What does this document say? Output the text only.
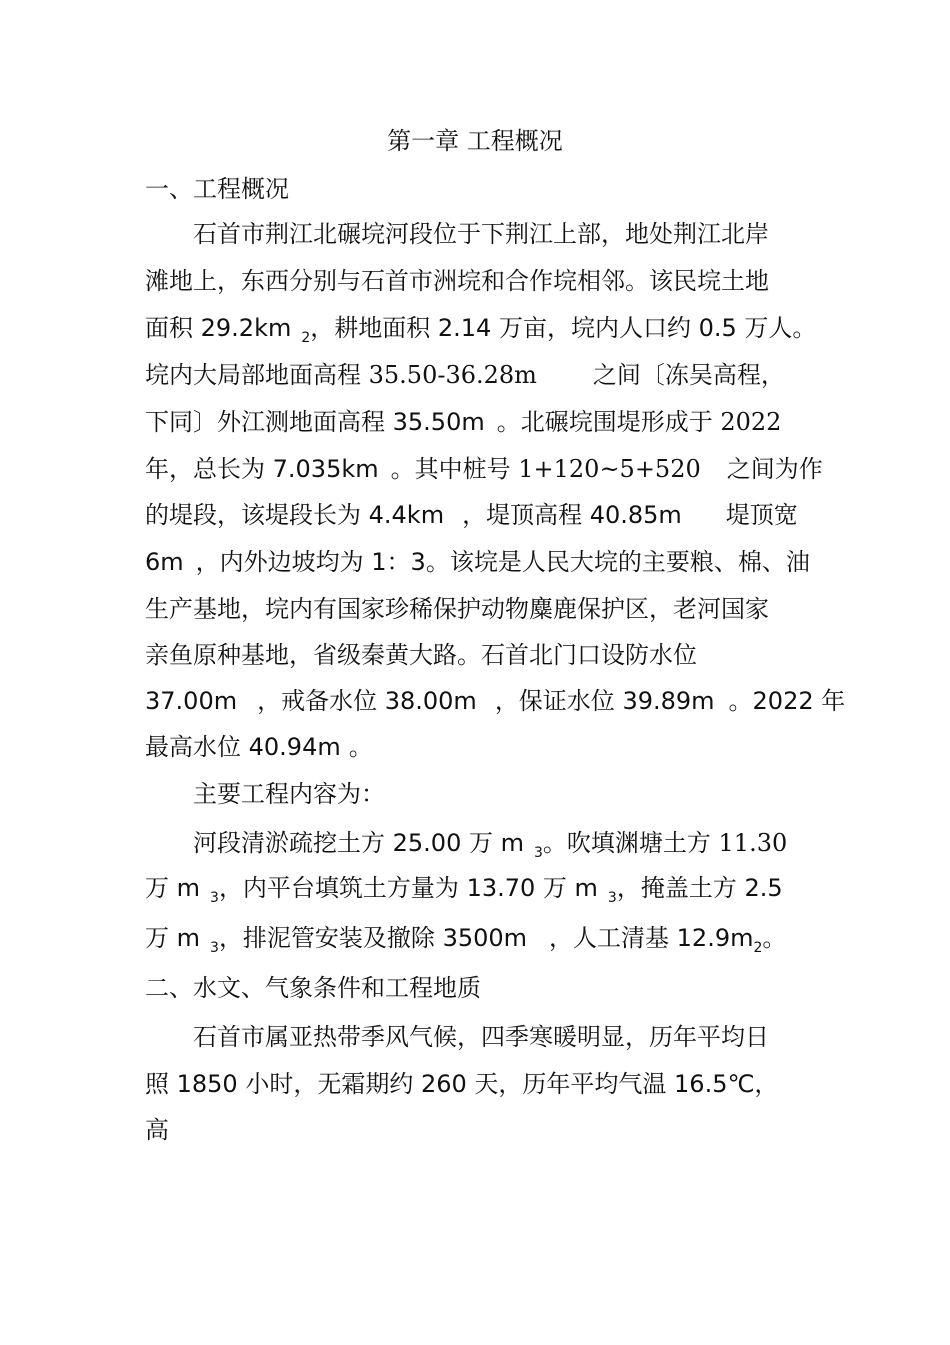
第一章 工程概况
一、工程概况
石首市荆江北碾垸河段位于下荆江上部，地处荆江北岸
滩地上，东西分别与石首市洲垸和合作垸相邻。该民垸土地
面积 29.2km $_2$，耕地面积 2.14 万亩，垸内人口约 0.5 万人。
垸内大局部地面高程 35.50-36.28m 之间〔冻吴高程，
下同〕外江测地面高程 35.50m 。北碾垸围堤形成于 2022
年，总长为 7.035km 。其中桩号 1+120~5+520 之间为作
的堤段，该堤段长为 4.4km ，堤顶高程 40.85m 堤顶宽
6m ，内外边坡均为 1：3。该垸是人民大垸的主要粮、棉、油
生产基地，垸内有国家珍稀保护动物麋鹿保护区，老河国家
亲鱼原种基地，省级秦黄大路。石首北门口设防水位
37.00m ，戒备水位 38.00m ，保证水位 39.89m 。2022 年
最高水位 40.94m 。
主要工程内容为：
河段清淤疏挖土方 25.00 万 m $_3$。吹填渊塘土方 11.30
万 m $_3$，内平台填筑土方量为 13.70 万 m $_3$，掩盖土方 2.5
万 m $_3$，排泥管安装及撤除 3500m ，人工清基 $12.9m_2$。
二、水文、气象条件和工程地质
石首市属亚热带季风气候，四季寒暖明显，历年平均日
照 1850 小时，无霜期约 260 天，历年平均气温 16.5℃，
高
